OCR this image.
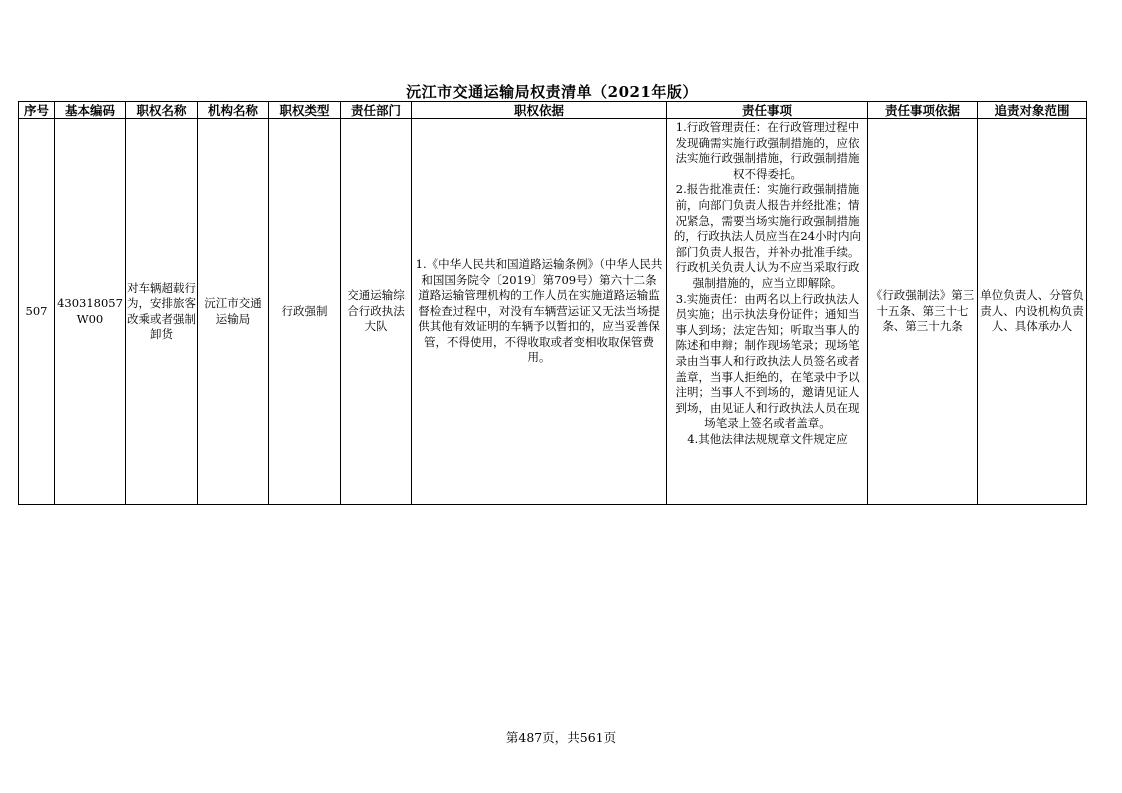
沅江市交通运输局权责清单（2021年版）
序号	基本编码	职权名称	机构名称	职权类型	责任部门	职权依据	责任事项	责任事项依据	追责对象范围
507	430318057W00	对车辆超载行为，安排旅客改乘或者强制卸货	沅江市交通运输局	行政强制	交通运输综合行政执法大队	1.《中华人民共和国道路运输条例》（中华人民共和国国务院令〔2019〕第709号）第六十二条
道路运输管理机构的工作人员在实施道路运输监督检查过程中，对没有车辆营运证又无法当场提供其他有效证明的车辆予以暂扣的，应当妥善保管，不得使用，不得收取或者变相收取保管费用。	1.行政管理责任：在行政管理过程中发现确需实施行政强制措施的，应依法实施行政强制措施，行政强制措施权不得委托。
2.报告批准责任：实施行政强制措施前，向部门负责人报告并经批准；情况紧急，需要当场实施行政强制措施的，行政执法人员应当在24小时内向部门负责人报告，并补办批准手续。行政机关负责人认为不应当采取行政强制措施的，应当立即解除。
3.实施责任：由两名以上行政执法人员实施；出示执法身份证件；通知当事人到场；法定告知；听取当事人的陈述和申辩；制作现场笔录；现场笔录由当事人和行政执法人员签名或者盖章，当事人拒绝的，在笔录中予以注明；当事人不到场的，邀请见证人到场，由见证人和行政执法人员在现场笔录上签名或者盖章。
4.其他法律法规规章文件规定应	《行政强制法》第三十五条、第三十七条、第三十九条	单位负责人、分管负责人、内设机构负责人、具体承办人
第487页，共561页
